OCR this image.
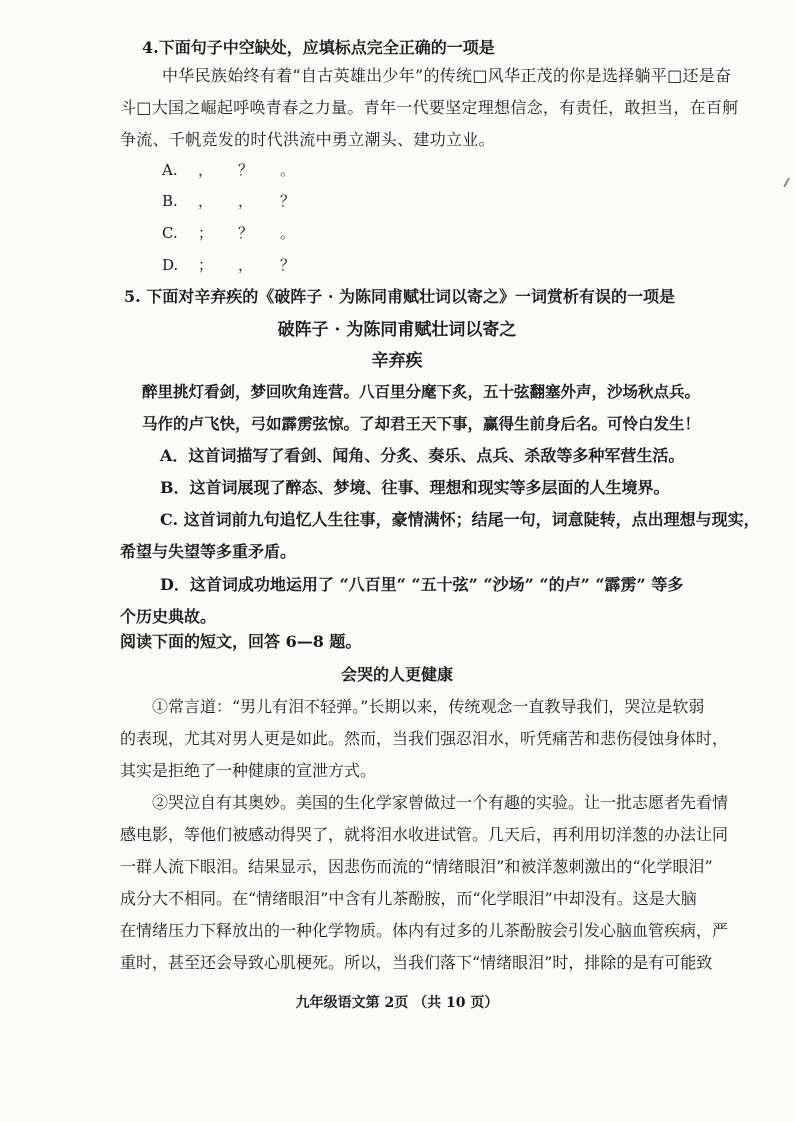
4.下面句子中空缺处，应填标点完全正确的一项是
中华民族始终有着“自古英雄出少年”的传统□风华正茂的你是选择躺平□还是奋
斗□大国之崛起呼唤青春之力量。青年一代要坚定理想信念，有责任，敢担当，在百舸
争流、千帆竞发的时代洪流中勇立潮头、建功立业。
A. ， ？ 。
B. ， ， ？
C. ； ？ 。
D. ； ， ？
5. 下面对辛弃疾的《破阵子 · 为陈同甫赋壮词以寄之》一词赏析有误的一项是
破阵子 · 为陈同甫赋壮词以寄之
辛弃疾
醉里挑灯看剑，梦回吹角连营。八百里分麾下炙，五十弦翻塞外声，沙场秋点兵。
马作的卢飞快，弓如霹雳弦惊。了却君王天下事，赢得生前身后名。可怜白发生！
A．这首词描写了看剑、闻角、分炙、奏乐、点兵、杀敌等多种军营生活。
B．这首词展现了醉态、梦境、往事、理想和现实等多层面的人生境界。
C. 这首词前九句追忆人生往事，豪情满怀；结尾一句，词意陡转，点出理想与现实，
希望与失望等多重矛盾。
D．这首词成功地运用了 “八百里“ “五十弦” “沙场” “的卢” “霹雳” 等多
个历史典故。
阅读下面的短文，回答 6—8 题。
会哭的人更健康
①常言道：“男儿有泪不轻弹。”长期以来，传统观念一直教导我们，哭泣是软弱
的表现，尤其对男人更是如此。然而，当我们强忍泪水，听凭痛苦和悲伤侵蚀身体时，
其实是拒绝了一种健康的宣泄方式。
②哭泣自有其奥妙。美国的生化学家曾做过一个有趣的实验。让一批志愿者先看情
感电影，等他们被感动得哭了，就将泪水收进试管。几天后，再利用切洋葱的办法让同
一群人流下眼泪。结果显示，因悲伤而流的“情绪眼泪”和被洋葱刺激出的“化学眼泪”
成分大不相同。在“情绪眼泪”中含有儿茶酚胺，而“化学眼泪”中却没有。这是大脑
在情绪压力下释放出的一种化学物质。体内有过多的儿茶酚胺会引发心脑血管疾病，严
重时，甚至还会导致心肌梗死。所以，当我们落下“情绪眼泪”时，排除的是有可能致
九年级语文第 2页 （共 10 页）
